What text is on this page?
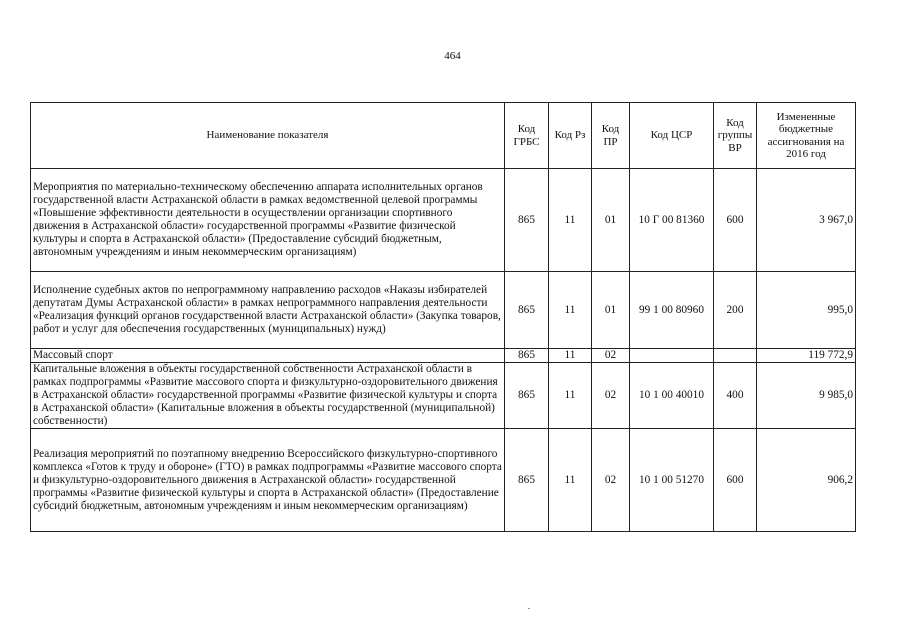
464
Наименование показателя	Код ГРБС	Код Рз	Код ПР	Код ЦСР	Код группы ВР	Измененные бюджетные ассигнования на 2016 год
Мероприятия по материально-техническому обеспечению аппарата исполнительных органов государственной власти Астраханской области в рамках ведомственной целевой программы «Повышение эффективности деятельности в осуществлении организации спортивного движения в Астраханской области» государственной программы «Развитие физической культуры и спорта в Астраханской области» (Предоставление субсидий бюджетным, автономным учреждениям и иным некоммерческим организациям)	865	11	01	10 Г 00 81360	600	3 967,0
Исполнение судебных актов по непрограммному направлению расходов «Наказы избирателей депутатам Думы Астраханской области» в рамках непрограммного направления деятельности «Реализация функций органов государственной власти Астраханской области» (Закупка товаров, работ и услуг для обеспечения государственных (муниципальных) нужд)	865	11	01	99 1 00 80960	200	995,0
Массовый спорт	865	11	02			119 772,9
Капитальные вложения в объекты государственной собственности Астраханской области в рамках подпрограммы «Развитие массового спорта и физкультурно-оздоровительного движения в Астраханской области» государственной программы «Развитие физической культуры и спорта в Астраханской области» (Капитальные вложения в объекты государственной (муниципальной) собственности)	865	11	02	10 1 00 40010	400	9 985,0
Реализация мероприятий по поэтапному внедрению Всероссийского физкультурно-спортивного комплекса «Готов к труду и обороне» (ГТО) в рамках подпрограммы «Развитие массового спорта и физкультурно-оздоровительного движения в Астраханской области» государственной программы «Развитие физической культуры и спорта в Астраханской области» (Предоставление субсидий бюджетным, автономным учреждениям и иным некоммерческим организациям)	865	11	02	10 1 00 51270	600	906,2
